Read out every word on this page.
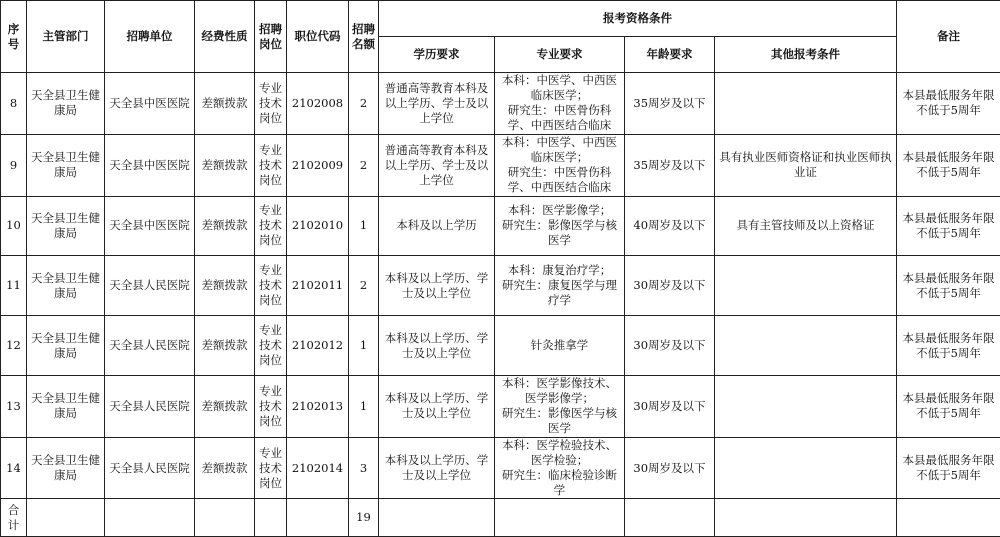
序号	主管部门	招聘单位	经费性质	招聘岗位	职位代码	招聘名额	报考资格条件				备注
							学历要求	专业要求	年龄要求	其他报考条件	
8	天全县卫生健康局	天全县中医医院	差额拨款	专业技术岗位	2102008	2	普通高等教育本科及以上学历、学士及以上学位	本科：中医学、中西医临床医学；
研究生：中医骨伤科学、中西医结合临床	35周岁及以下		本县最低服务年限不低于5周年
9	天全县卫生健康局	天全县中医医院	差额拨款	专业技术岗位	2102009	2	普通高等教育本科及以上学历、学士及以上学位	本科：中医学、中西医临床医学；
研究生：中医骨伤科学、中西医结合临床	35周岁及以下	具有执业医师资格证和执业医师执业证	本县最低服务年限不低于5周年
10	天全县卫生健康局	天全县中医医院	差额拨款	专业技术岗位	2102010	1	本科及以上学历	本科：医学影像学；
研究生：影像医学与核医学	40周岁及以下	具有主管技师及以上资格证	本县最低服务年限不低于5周年
11	天全县卫生健康局	天全县人民医院	差额拨款	专业技术岗位	2102011	2	本科及以上学历、学士及以上学位	本科：康复治疗学；
研究生：康复医学与理疗学	30周岁及以下		本县最低服务年限不低于5周年
12	天全县卫生健康局	天全县人民医院	差额拨款	专业技术岗位	2102012	1	本科及以上学历、学士及以上学位	针灸推拿学	30周岁及以下		本县最低服务年限不低于5周年
13	天全县卫生健康局	天全县人民医院	差额拨款	专业技术岗位	2102013	1	本科及以上学历、学士及以上学位	本科：医学影像技术、医学影像学；
研究生：影像医学与核医学	30周岁及以下		本县最低服务年限不低于5周年
14	天全县卫生健康局	天全县人民医院	差额拨款	专业技术岗位	2102014	3	本科及以上学历、学士及以上学位	本科：医学检验技术、医学检验；
研究生：临床检验诊断学	30周岁及以下		本县最低服务年限不低于5周年
合计						19					
